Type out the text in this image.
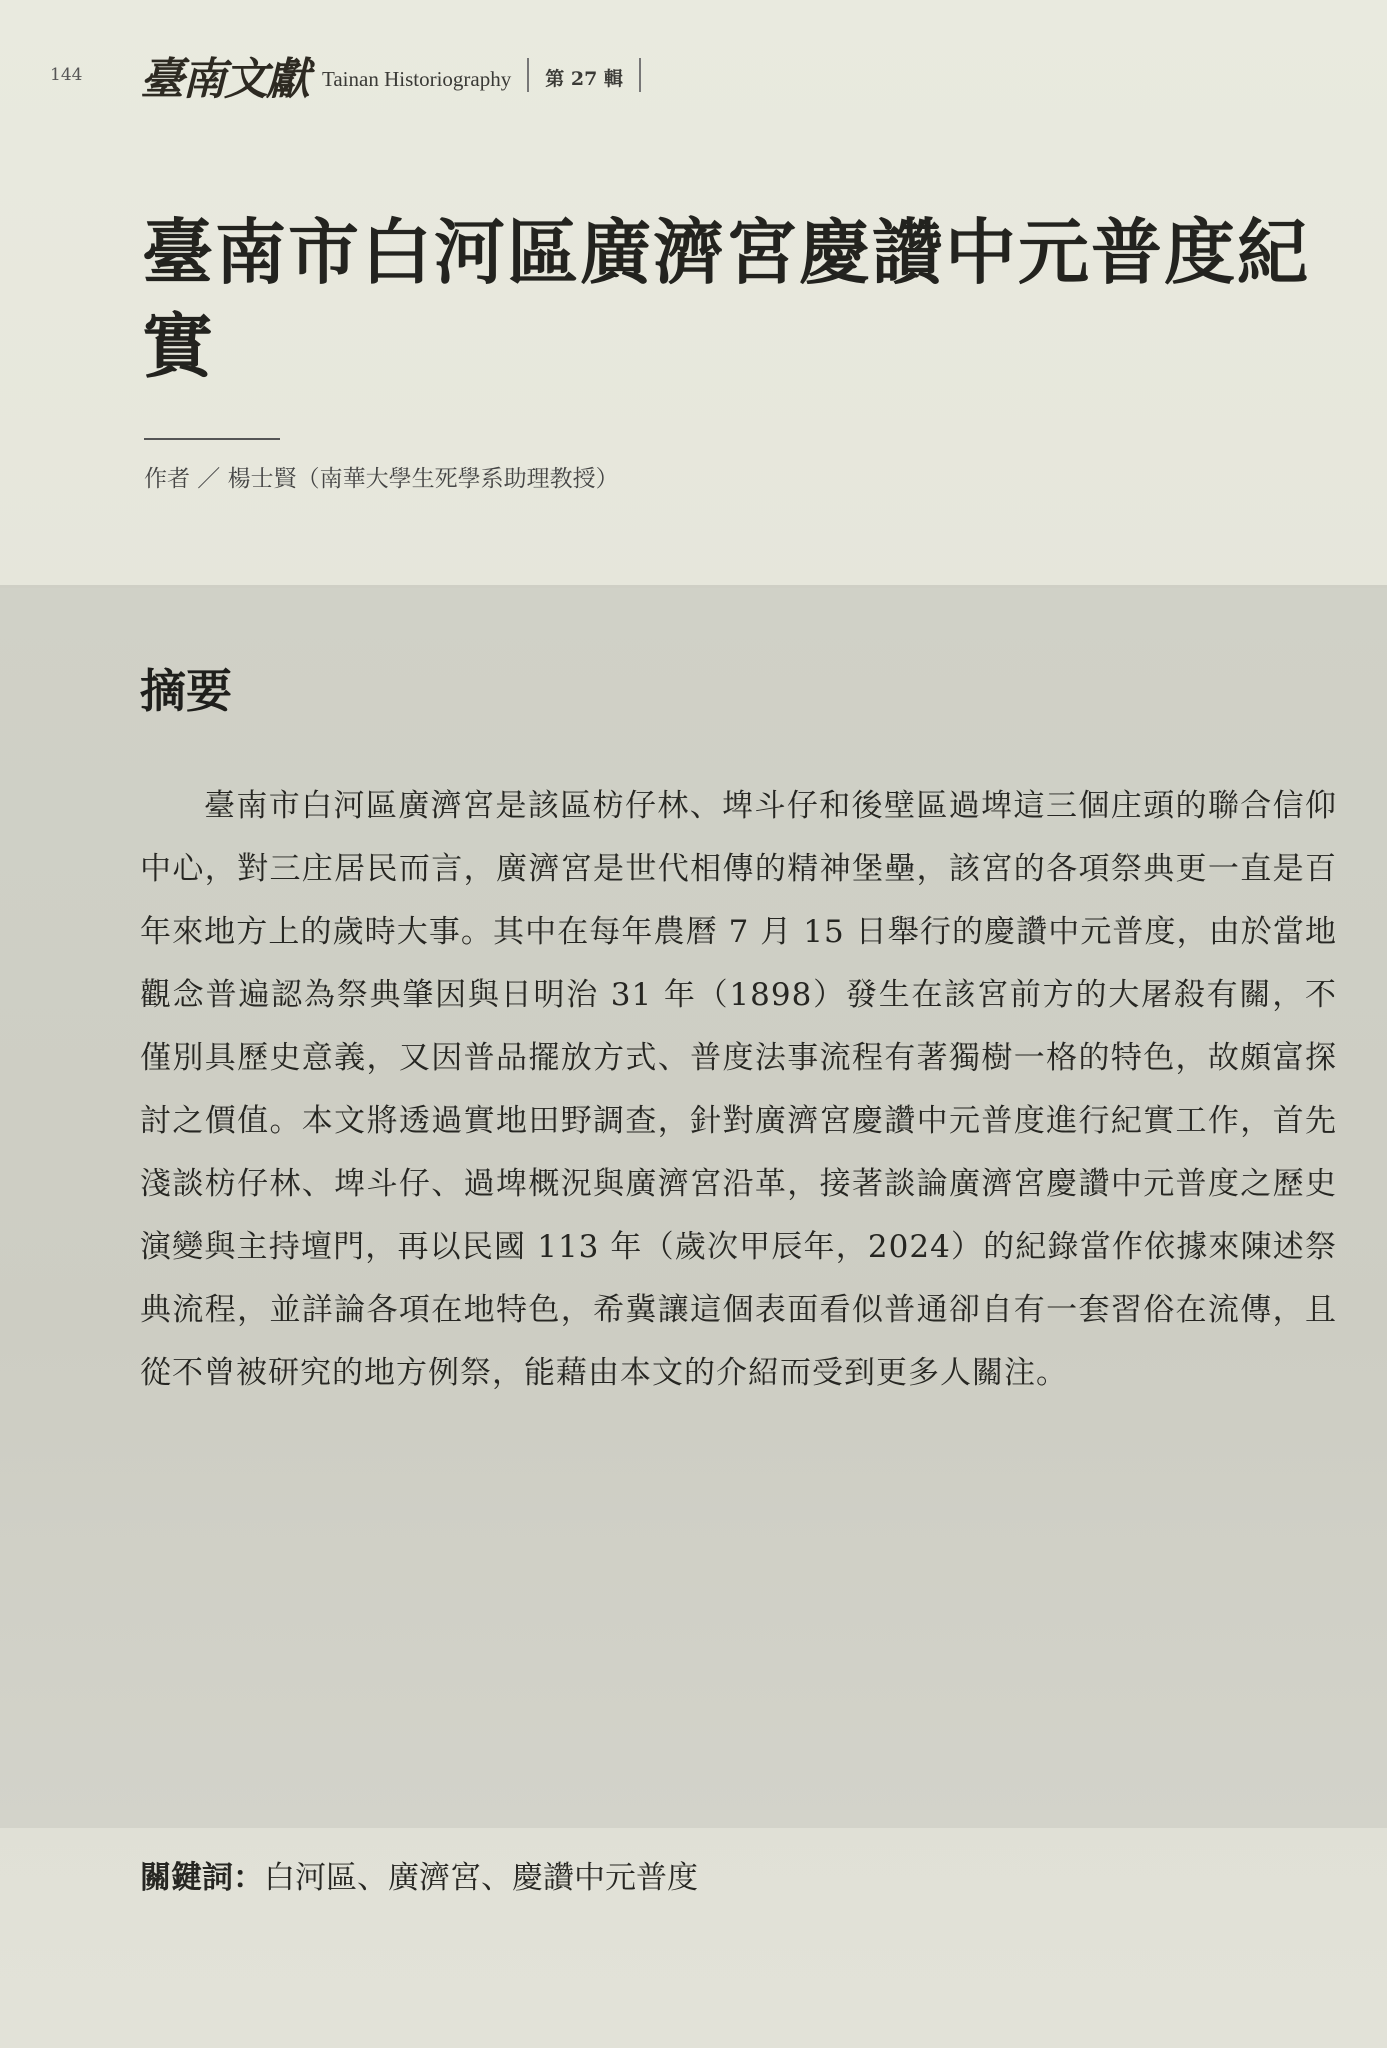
144	臺南文獻 Tainan Historiography 第 27 輯
臺南市白河區廣濟宮慶讚中元普度紀實
作者 ／ 楊士賢（南華大學生死學系助理教授）
摘要

臺南市白河區廣濟宮是該區枋仔林、埤斗仔和後壁區過埤這三個庄頭的聯合信仰中心，對三庄居民而言，廣濟宮是世代相傳的精神堡壘，該宮的各項祭典更一直是百年來地方上的歲時大事。其中在每年農曆 7 月 15 日舉行的慶讚中元普度，由於當地觀念普遍認為祭典肇因與日明治 31 年（1898）發生在該宮前方的大屠殺有關，不僅別具歷史意義，又因普品擺放方式、普度法事流程有著獨樹一格的特色，故頗富探討之價值。本文將透過實地田野調查，針對廣濟宮慶讚中元普度進行紀實工作，首先淺談枋仔林、埤斗仔、過埤概況與廣濟宮沿革，接著談論廣濟宮慶讚中元普度之歷史演變與主持壇門，再以民國 113 年（歲次甲辰年，2024）的紀錄當作依據來陳述祭典流程，並詳論各項在地特色，希冀讓這個表面看似普通卻自有一套習俗在流傳，且從不曾被研究的地方例祭，能藉由本文的介紹而受到更多人關注。

關鍵詞：白河區、廣濟宮、慶讚中元普度
